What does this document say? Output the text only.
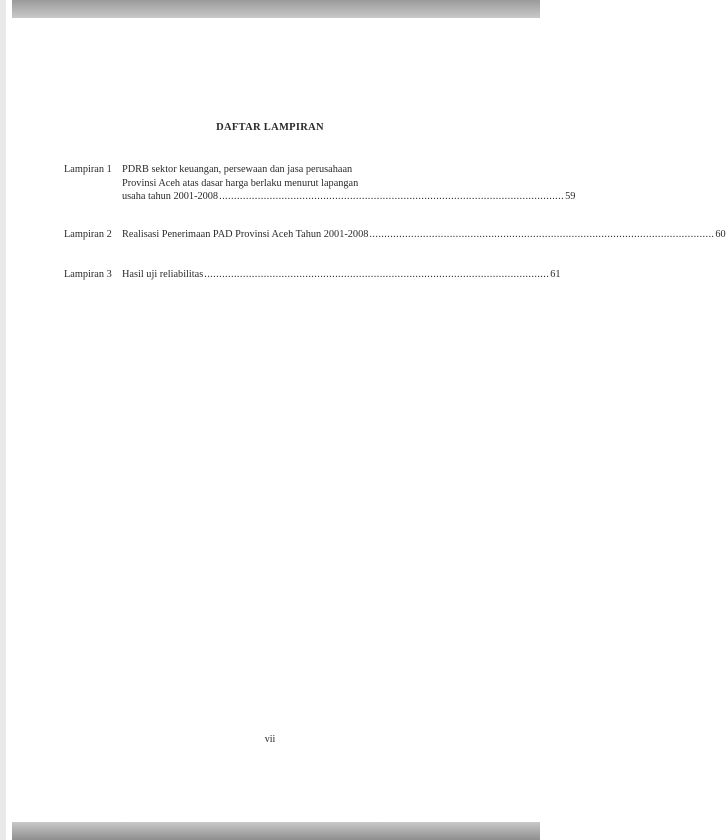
DAFTAR LAMPIRAN
Lampiran 1 PDRB sektor keuangan, persewaan dan jasa perusahaan
Provinsi Aceh atas dasar harga berlaku menurut lapangan
usaha tahun 2001-2008 .................................................................................................................... 59
Lampiran 2 Realisasi Penerimaan PAD Provinsi Aceh Tahun 2001-2008 .................................................................................................................... 60
Lampiran 3 Hasil uji reliabilitas .................................................................................................................... 61
vii
